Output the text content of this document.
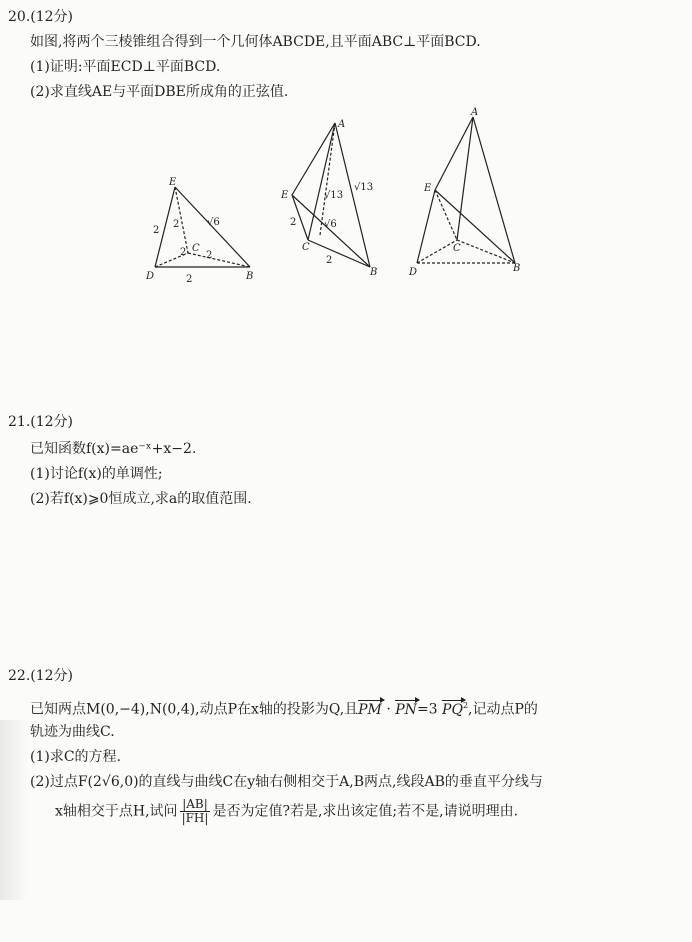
20.(12分)
如图,将两个三棱锥组合得到一个几何体ABCDE,且平面ABC⊥平面BCD.
(1)证明:平面ECD⊥平面BCD.
(2)求直线AE与平面DBE所成角的正弦值.
E
D	B
C
2
2
2 2
2
√6
A
E
C
B
√13
√13
√6
2
2
A
E
C
D	B
21.(12分)
已知函数f(x)=ae⁻ˣ+x−2.
(1)讨论f(x)的单调性;
(2)若f(x)⩾0恒成立,求a的取值范围.
22.(12分)
已知两点M(0,−4),N(0,4),动点P在x轴的投影为Q,且PM · PN=3 $PQ^2$,记动点P的
轨迹为曲线C.
(1)求C的方程.
(2)过点F(2√6,0)的直线与曲线C在y轴右侧相交于A,B两点,线段AB的垂直平分线与
x轴相交于点H,试问 $\frac{|AB|}{|FH|}$ 是否为定值?若是,求出该定值;若不是,请说明理由.
